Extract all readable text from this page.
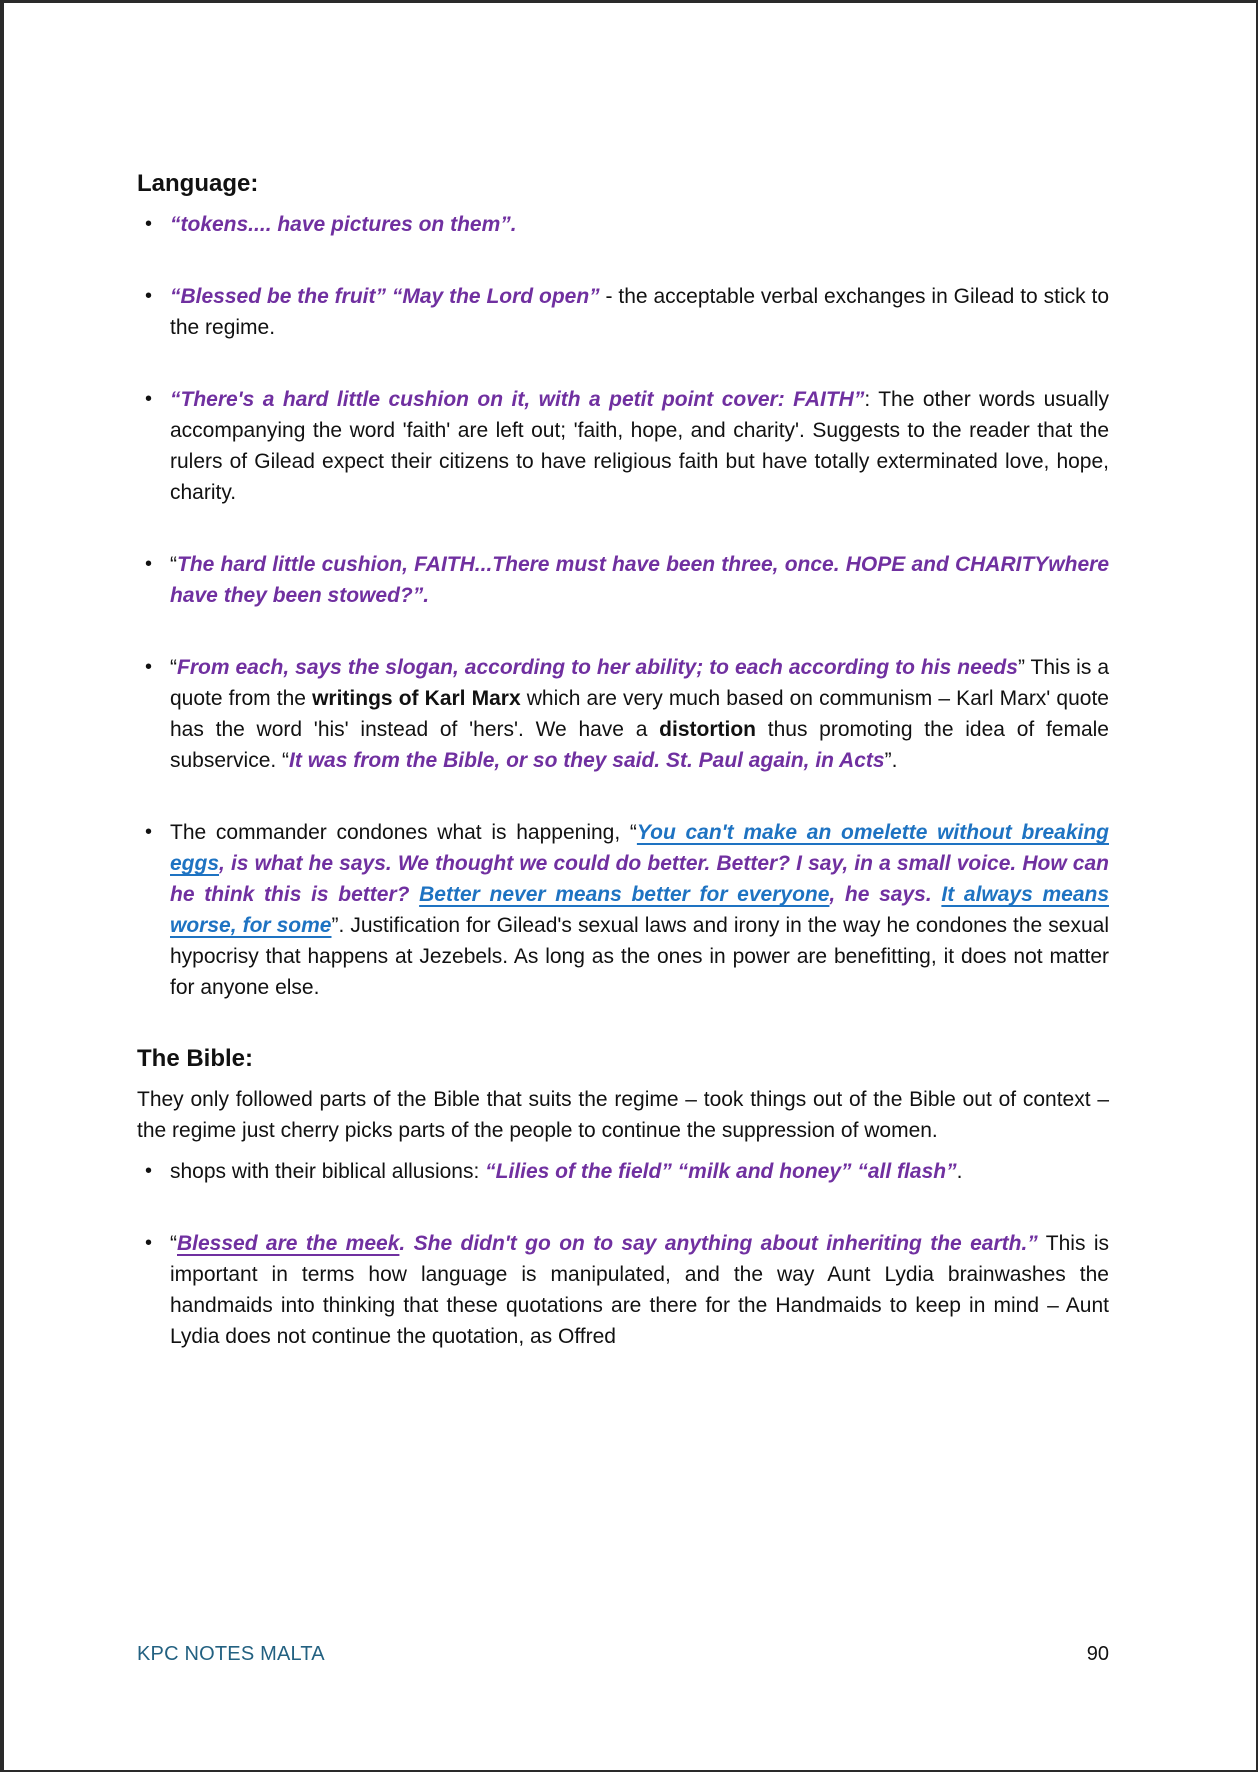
Language:
• “tokens.... have pictures on them”.
• “Blessed be the fruit” “May the Lord open” - the acceptable verbal exchanges in Gilead to stick to the regime.
• “There's a hard little cushion on it, with a petit point cover: FAITH”: The other words usually accompanying the word 'faith' are left out; 'faith, hope, and charity'. Suggests to the reader that the rulers of Gilead expect their citizens to have religious faith but have totally exterminated love, hope, charity.
• “The hard little cushion, FAITH...There must have been three, once. HOPE and CHARITYwhere have they been stowed?”.
• “From each, says the slogan, according to her ability; to each according to his needs” This is a quote from the writings of Karl Marx which are very much based on communism – Karl Marx' quote has the word 'his' instead of 'hers'. We have a distortion thus promoting the idea of female subservice. “It was from the Bible, or so they said. St. Paul again, in Acts”.
• The commander condones what is happening, “You can't make an omelette without breaking eggs, is what he says. We thought we could do better. Better? I say, in a small voice. How can he think this is better? Better never means better for everyone, he says. It always means worse, for some”. Justification for Gilead's sexual laws and irony in the way he condones the sexual hypocrisy that happens at Jezebels. As long as the ones in power are benefitting, it does not matter for anyone else.
The Bible:
They only followed parts of the Bible that suits the regime – took things out of the Bible out of context – the regime just cherry picks parts of the people to continue the suppression of women.
• shops with their biblical allusions: “Lilies of the field” “milk and honey” “all flash”.
• “Blessed are the meek. She didn't go on to say anything about inheriting the earth.” This is important in terms how language is manipulated, and the way Aunt Lydia brainwashes the handmaids into thinking that these quotations are there for the Handmaids to keep in mind – Aunt Lydia does not continue the quotation, as Offred
KPC NOTES MALTA	90
